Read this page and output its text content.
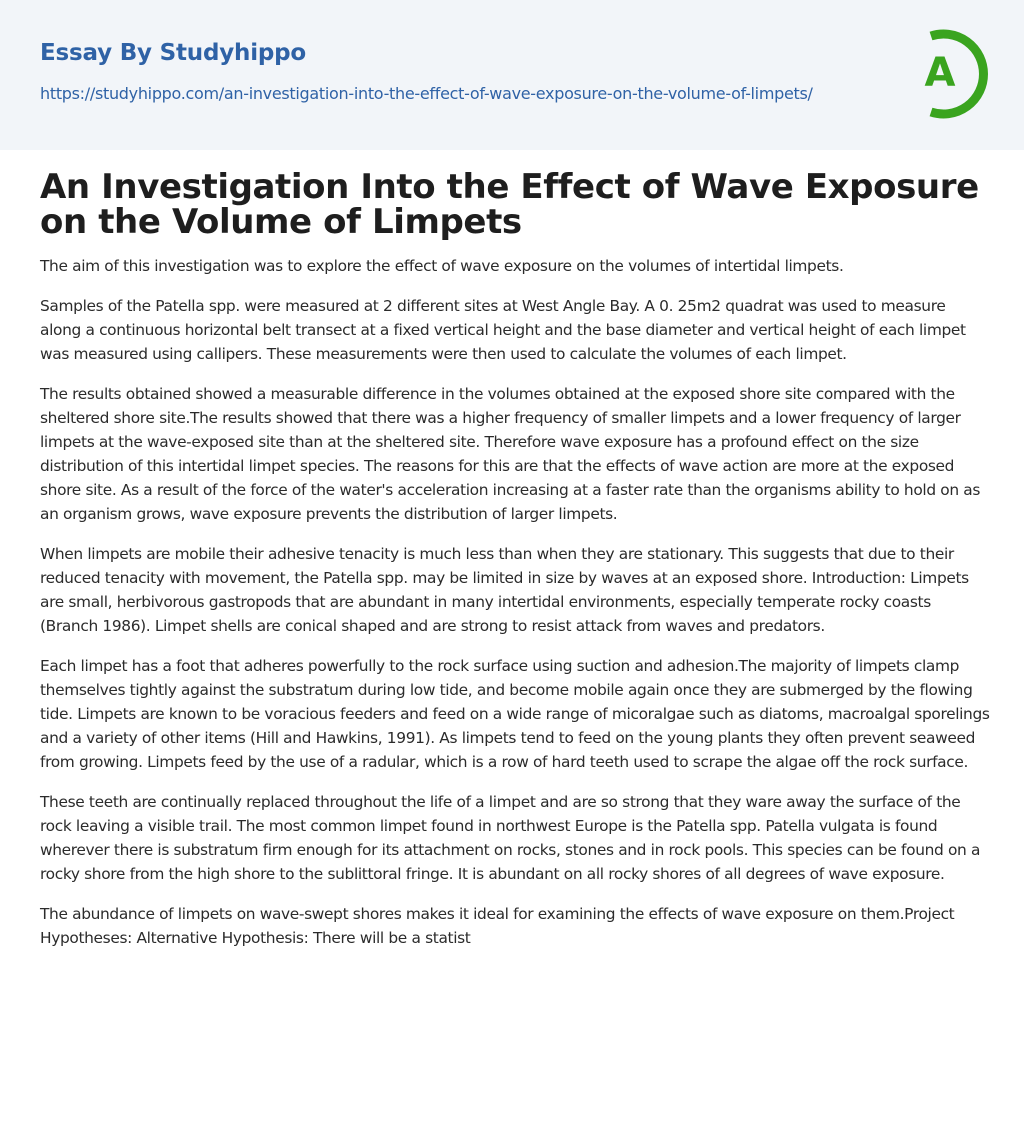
Essay By Studyhippo
https://studyhippo.com/an-investigation-into-the-effect-of-wave-exposure-on-the-volume-of-limpets/	A
An Investigation Into the Effect of Wave Exposure on the Volume of Limpets

The aim of this investigation was to explore the effect of wave exposure on the volumes of intertidal limpets.

Samples of the Patella spp. were measured at 2 different sites at West Angle Bay. A 0. 25m2 quadrat was used to measure along a continuous horizontal belt transect at a fixed vertical height and the base diameter and vertical height of each limpet was measured using callipers. These measurements were then used to calculate the volumes of each limpet.

The results obtained showed a measurable difference in the volumes obtained at the exposed shore site compared with the sheltered shore site.The results showed that there was a higher frequency of smaller limpets and a lower frequency of larger limpets at the wave-exposed site than at the sheltered site. Therefore wave exposure has a profound effect on the size distribution of this intertidal limpet species. The reasons for this are that the effects of wave action are more at the exposed shore site. As a result of the force of the water's acceleration increasing at a faster rate than the organisms ability to hold on as an organism grows, wave exposure prevents the distribution of larger limpets.

When limpets are mobile their adhesive tenacity is much less than when they are stationary. This suggests that due to their reduced tenacity with movement, the Patella spp. may be limited in size by waves at an exposed shore. Introduction: Limpets are small, herbivorous gastropods that are abundant in many intertidal environments, especially temperate rocky coasts (Branch 1986). Limpet shells are conical shaped and are strong to resist attack from waves and predators.

Each limpet has a foot that adheres powerfully to the rock surface using suction and adhesion.The majority of limpets clamp themselves tightly against the substratum during low tide, and become mobile again once they are submerged by the flowing tide. Limpets are known to be voracious feeders and feed on a wide range of micoralgae such as diatoms, macroalgal sporelings and a variety of other items (Hill and Hawkins, 1991). As limpets tend to feed on the young plants they often prevent seaweed from growing. Limpets feed by the use of a radular, which is a row of hard teeth used to scrape the algae off the rock surface.

These teeth are continually replaced throughout the life of a limpet and are so strong that they ware away the surface of the rock leaving a visible trail. The most common limpet found in northwest Europe is the Patella spp. Patella vulgata is found wherever there is substratum firm enough for its attachment on rocks, stones and in rock pools. This species can be found on a rocky shore from the high shore to the sublittoral fringe. It is abundant on all rocky shores of all degrees of wave exposure.

The abundance of limpets on wave-swept shores makes it ideal for examining the effects of wave exposure on them.Project Hypotheses: Alternative Hypothesis: There will be a statist
